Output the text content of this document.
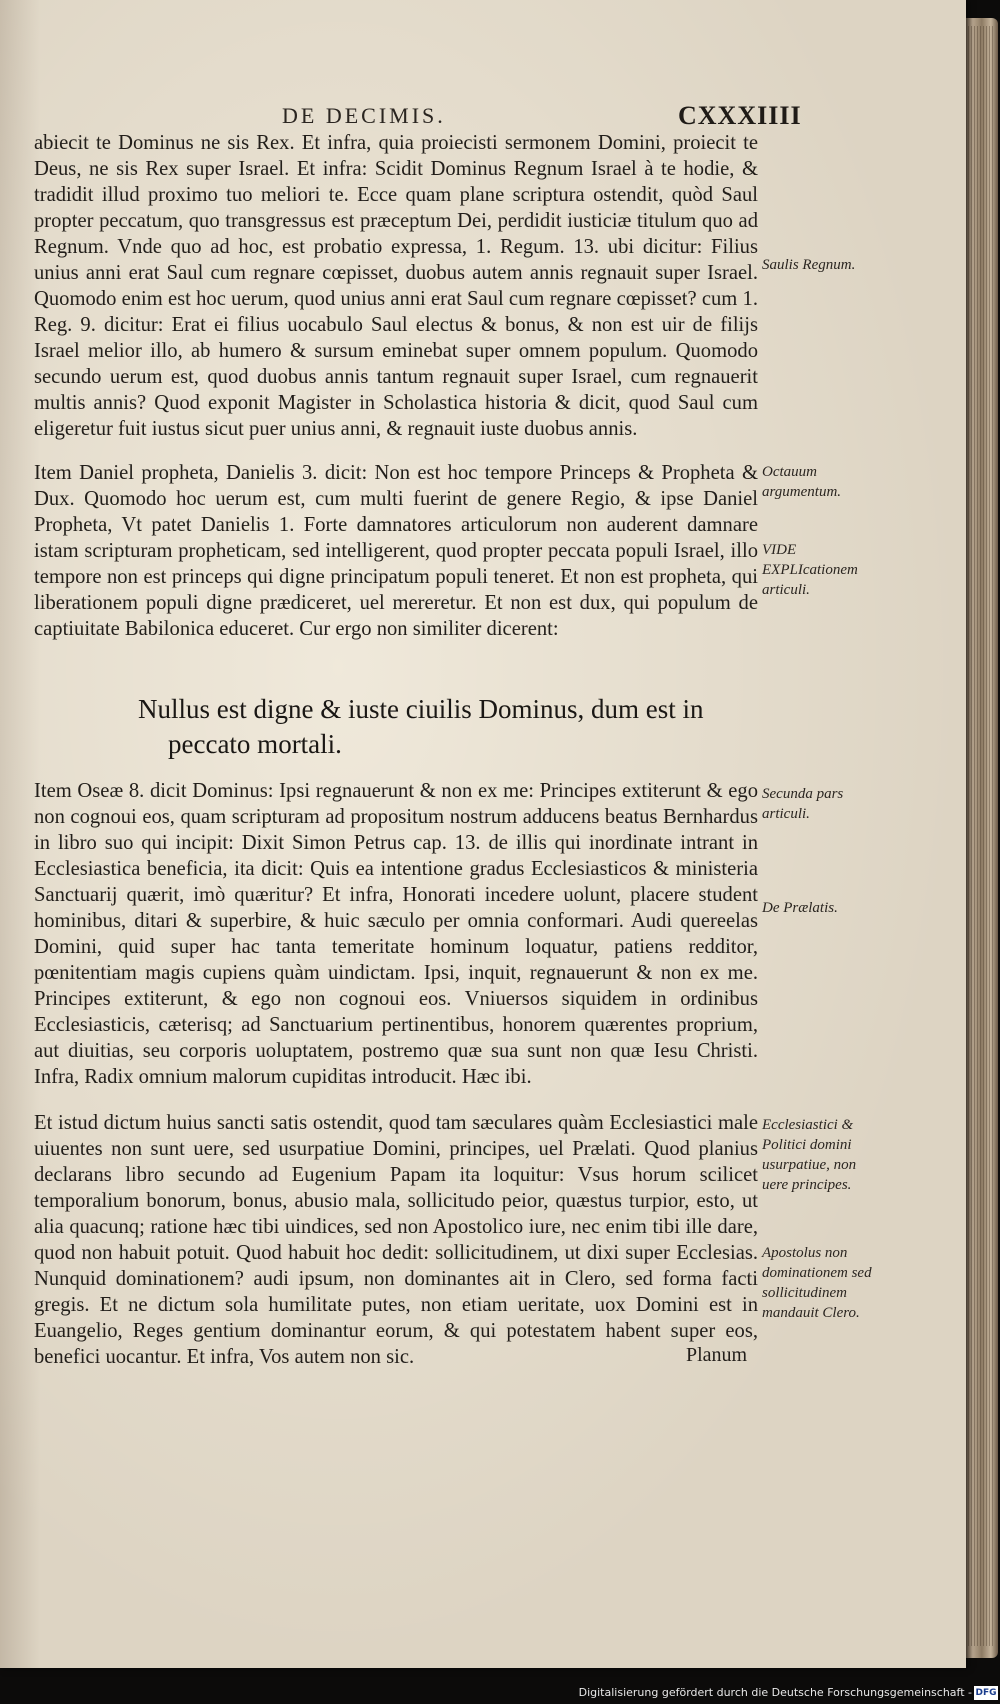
DE DECIMIS.	CXXXIIII
abiecit te Dominus ne sis Rex. Et infra, quia proiecisti sermonem Domini, proiecit te Deus, ne sis Rex super Israel. Et infra: Scidit Dominus Regnum Israel à te hodie, & tradidit illud proximo tuo meliori te. Ecce quam plane scriptura ostendit, quòd Saul propter peccatum, quo transgressus est præceptum Dei, perdidit iusticiæ titulum quo ad Regnum. Vnde quo ad hoc, est probatio expressa, 1. Regum. 13. ubi dicitur: Filius unius anni erat Saul cum regnare cœpisset, duobus autem annis regnauit super Israel. Quomodo enim est hoc uerum, quod unius anni erat Saul cum regnare cœpisset? cum 1. Reg. 9. dicitur: Erat ei filius uocabulo Saul electus & bonus, & non est uir de filijs Israel melior illo, ab humero & sursum eminebat super omnem populum. Quomodo secundo uerum est, quod duobus annis tantum regnauit super Israel, cum regnauerit multis annis? Quod exponit Magister in Scholastica historia & dicit, quod Saul cum eligeretur fuit iustus sicut puer unius anni, & regnauit iuste duobus annis.
Item Daniel propheta, Danielis 3. dicit: Non est hoc tempore Princeps & Propheta & Dux. Quomodo hoc uerum est, cum multi fuerint de genere Regio, & ipse Daniel Propheta, Vt patet Danielis 1. Forte damnatores articulorum non auderent damnare istam scripturam propheticam, sed intelligerent, quod propter peccata populi Israel, illo tempore non est princeps qui digne principatum populi teneret. Et non est propheta, qui liberationem populi digne prædiceret, uel mereretur. Et non est dux, qui populum de captiuitate Babilonica educeret. Cur ergo non similiter dicerent:
Nullus est digne & iuste ciuilis Dominus, dum est in
peccato mortali.
Item Oseæ 8. dicit Dominus: Ipsi regnauerunt & non ex me: Principes extiterunt & ego non cognoui eos, quam scripturam ad propositum nostrum adducens beatus Bernhardus in libro suo qui incipit: Dixit Simon Petrus cap. 13. de illis qui inordinate intrant in Ecclesiastica beneficia, ita dicit: Quis ea intentione gradus Ecclesiasticos & ministeria Sanctuarij quærit, imò quæritur? Et infra, Honorati incedere uolunt, placere student hominibus, ditari & superbire, & huic sæculo per omnia conformari. Audi quereelas Domini, quid super hac tanta temeritate hominum loquatur, patiens redditor, pœnitentiam magis cupiens quàm uindictam. Ipsi, inquit, regnauerunt & non ex me. Principes extiterunt, & ego non cognoui eos. Vniuersos siquidem in ordinibus Ecclesiasticis, cæterisq; ad Sanctuarium pertinentibus, honorem quærentes proprium, aut diuitias, seu corporis uoluptatem, postremo quæ sua sunt non quæ Iesu Christi. Infra, Radix omnium malorum cupiditas introducit. Hæc ibi.
Et istud dictum huius sancti satis ostendit, quod tam sæculares quàm Ecclesiastici male uiuentes non sunt uere, sed usurpatiue Domini, principes, uel Prælati. Quod planius declarans libro secundo ad Eugenium Papam ita loquitur: Vsus horum scilicet temporalium bonorum, bonus, abusio mala, sollicitudo peior, quæstus turpior, esto, ut alia quacunq; ratione hæc tibi uindices, sed non Apostolico iure, nec enim tibi ille dare, quod non habuit potuit. Quod habuit hoc dedit: sollicitudinem, ut dixi super Ecclesias. Nunquid dominationem? audi ipsum, non dominantes ait in Clero, sed forma facti gregis. Et ne dictum sola humilitate putes, non etiam ueritate, uox Domini est in Euangelio, Reges gentium dominantur eorum, & qui potestatem habent super eos, benefici uocantur. Et infra, Vos autem non sic.
Saulis Regnum.
Octauum argumentum.
VIDE EXPLIcationem articuli.
Secunda pars articuli.
De Prælatis.
Ecclesiastici & Politici domini usurpatiue, non uere principes.
Apostolus non dominationem sed sollicitudinem mandauit Clero.
Planum
Digitalisierung gefördert durch die Deutsche Forschungsgemeinschaft - DFG
